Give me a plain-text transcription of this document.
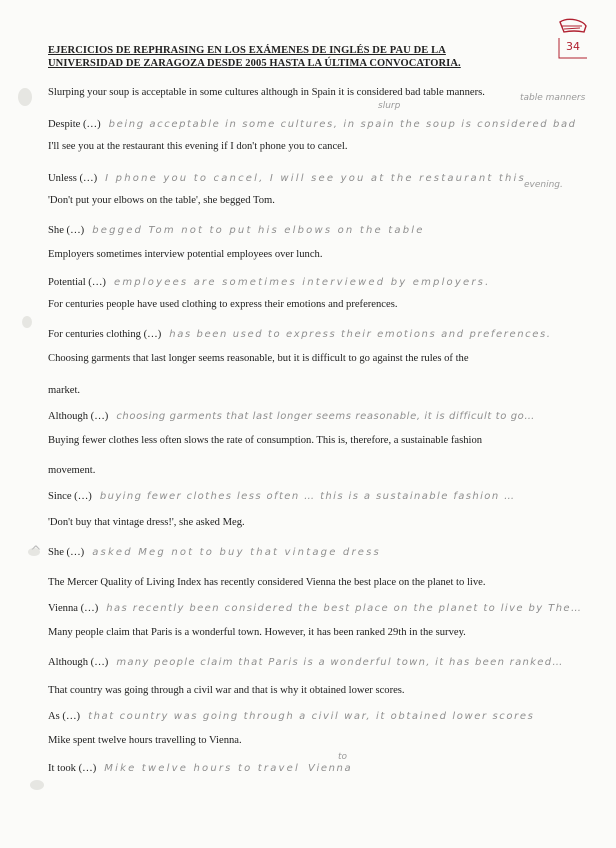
34
EJERCICIOS DE REPHRASING EN LOS EXÁMENES DE INGLÉS DE PAU DE LA
UNIVERSIDAD DE ZARAGOZA DESDE 2005 HASTA LA ÚLTIMA CONVOCATORIA.
Slurping your soup is acceptable in some cultures although in Spain it is considered bad table manners.	table manners
slurp
Despite (…) being acceptable in some cultures, in spain the soup is considered bad
I'll see you at the restaurant this evening if I don't phone you to cancel.
Unless (…) I phone you to cancel, I will see you at the restaurant this
evening.
'Don't put your elbows on the table', she begged Tom.
She (…) begged Tom not to put his elbows on the table
Employers sometimes interview potential employees over lunch.
Potential (…) employees are sometimes interviewed by employers.
For centuries people have used clothing to express their emotions and preferences.
For centuries clothing (…) has been used to express their emotions and preferences.
Choosing garments that last longer seems reasonable, but it is difficult to go against the rules of the
market.
Although (…) choosing garments that last longer seems reasonable, it is difficult to go…
Buying fewer clothes less often slows the rate of consumption. This is, therefore, a sustainable fashion
movement.
Since (…) buying fewer clothes less often … this is a sustainable fashion …
'Don't buy that vintage dress!', she asked Meg.
^ She (…) asked Meg not to buy that vintage dress
The Mercer Quality of Living Index has recently considered Vienna the best place on the planet to live.
Vienna (…) has recently been considered the best place on the planet to live by The…
Many people claim that Paris is a wonderful town. However, it has been ranked 29th in the survey.
Although (…) many people claim that Paris is a wonderful town, it has been ranked…
That country was going through a civil war and that is why it obtained lower scores.
As (…) that country was going through a civil war, it obtained lower scores
Mike spent twelve hours travelling to Vienna.
to
It took (…) Mike twelve hours to travel Vienna
